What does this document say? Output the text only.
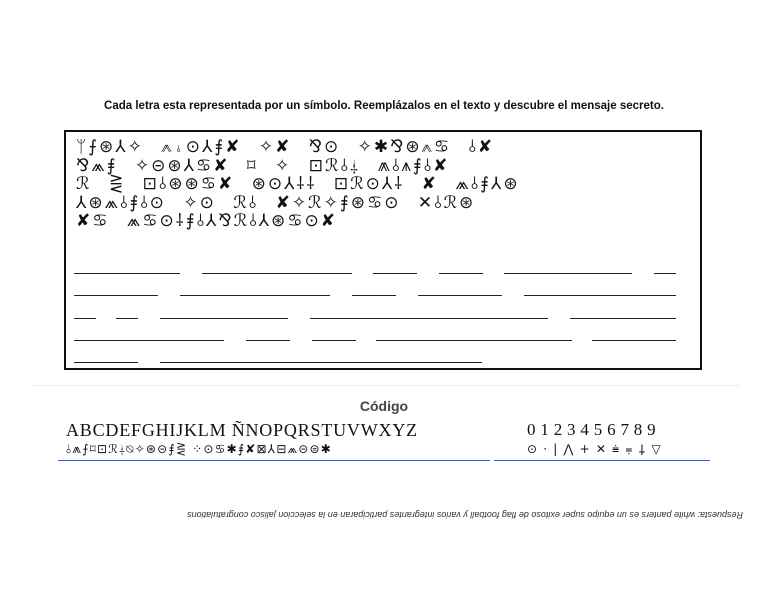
Cada letra esta representada por un símbolo. Reemplázalos en el texto y descubre el mensaje secreto.
ᛘ⨍⊛⅄✧ ⩕⫰⊙⅄⨎✘ ✧✘ ⅋⊙ ✧✱⅋⊛⩕♋ ⫰✘
⅋⩕⨎ ✧⊝⊛⅄♋✘ ⌑ ✧ ⊡ℛ⫰⸸ ⩕⫰⩚⨎⫰✘
ℛ ⋛ ⊡⫰⊛⊛♋✘ ⊛⊙⅄⸸⸸ ⊡ℛ⊙⅄⸸ ✘ ⩕⫰⨎⅄⊛
⅄⊛⩕⫰⨎⫰⊙ ✧⊙ ℛ⫰ ✘✧ℛ✧⨎⊛♋⊙ ✕⫰ℛ⊛
✘♋ ⩕♋⊙⸸⨎⫰⅄⅋ℛ⫰⅄⊛♋⊙✘
Código
ABCDEFGHIJKLM ÑNOPQRSTUVWXYZ
⫰⩕⨍⌑⊡ℛ⸸⍉✧⊛⊝⨎⋛ ⁘⊙♋✱⨎✘⊠⅄⊟⩕⊝⊜✱
0 1 2 3 4 5 6 7 8 9
⊙ · | ⋀ + ✕ ⩧ ⩦ ⸸ ▽
Respuesta: white panters es un equipo super exitoso de flag football y varios integrantes participaran en la seleccion jalisco congratulations
